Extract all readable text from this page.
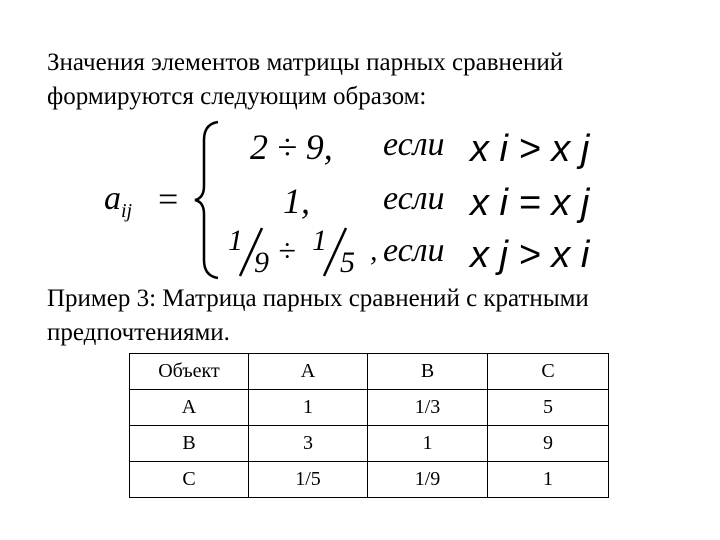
Значения элементов матрицы парных сравнений формируются следующим образом:

$a_{ij}$ =
2 ÷ 9, если x i > x j
1, если x i = x j
1
9 ÷ 1
5 , если x j > x i

Пример 3: Матрица парных сравнений с кратными предпочтениями.

Объект	A	B	C
A	1	1/3	5
B	3	1	9
C	1/5	1/9	1
